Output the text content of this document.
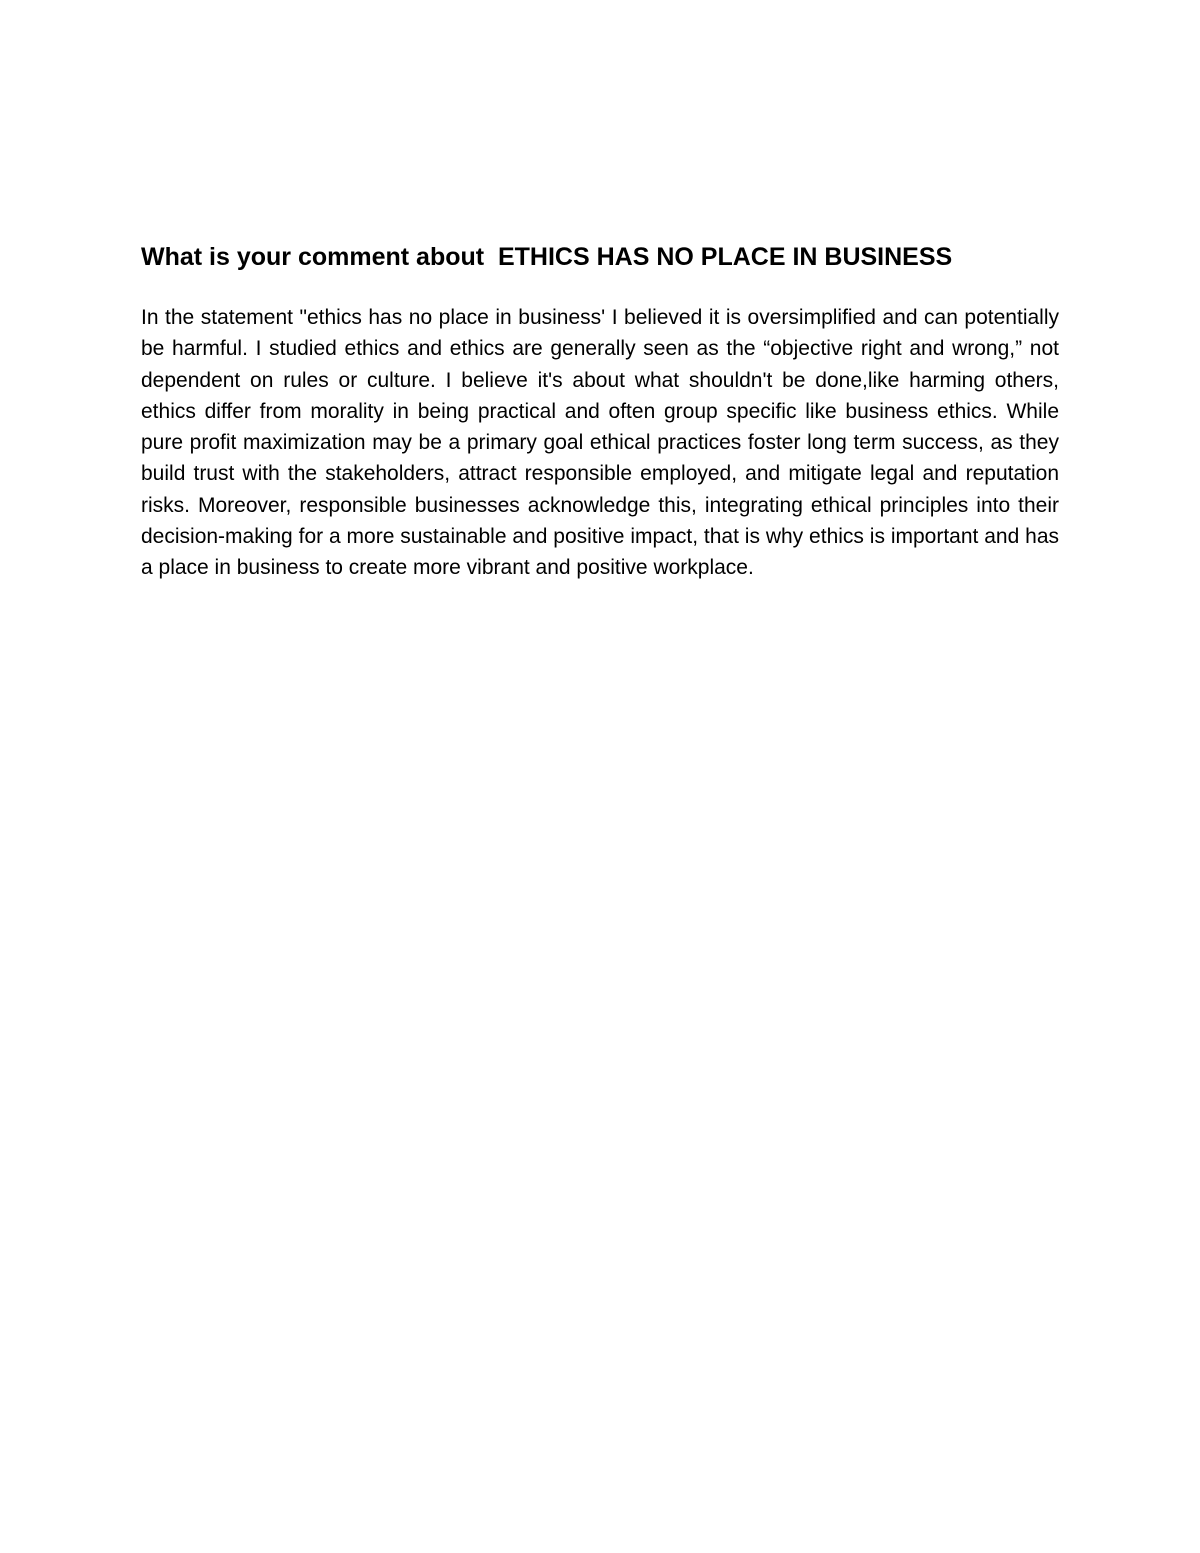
What is your comment about  ETHICS HAS NO PLACE IN BUSINESS

In the statement "ethics has no place in business' I believed it is oversimplified and can potentially be harmful. I studied ethics and ethics are generally seen as the “objective right and wrong,” not dependent on rules or culture. I believe it's about what shouldn't be done,like harming others, ethics differ from morality in being practical and often group specific like business ethics. While pure profit maximization may be a primary goal ethical practices foster long term success, as they build trust with the stakeholders, attract responsible employed, and mitigate legal and reputation risks. Moreover, responsible businesses acknowledge this, integrating ethical principles into their decision-making for a more sustainable and positive impact, that is why ethics is important and has a place in business to create more vibrant and positive workplace.
